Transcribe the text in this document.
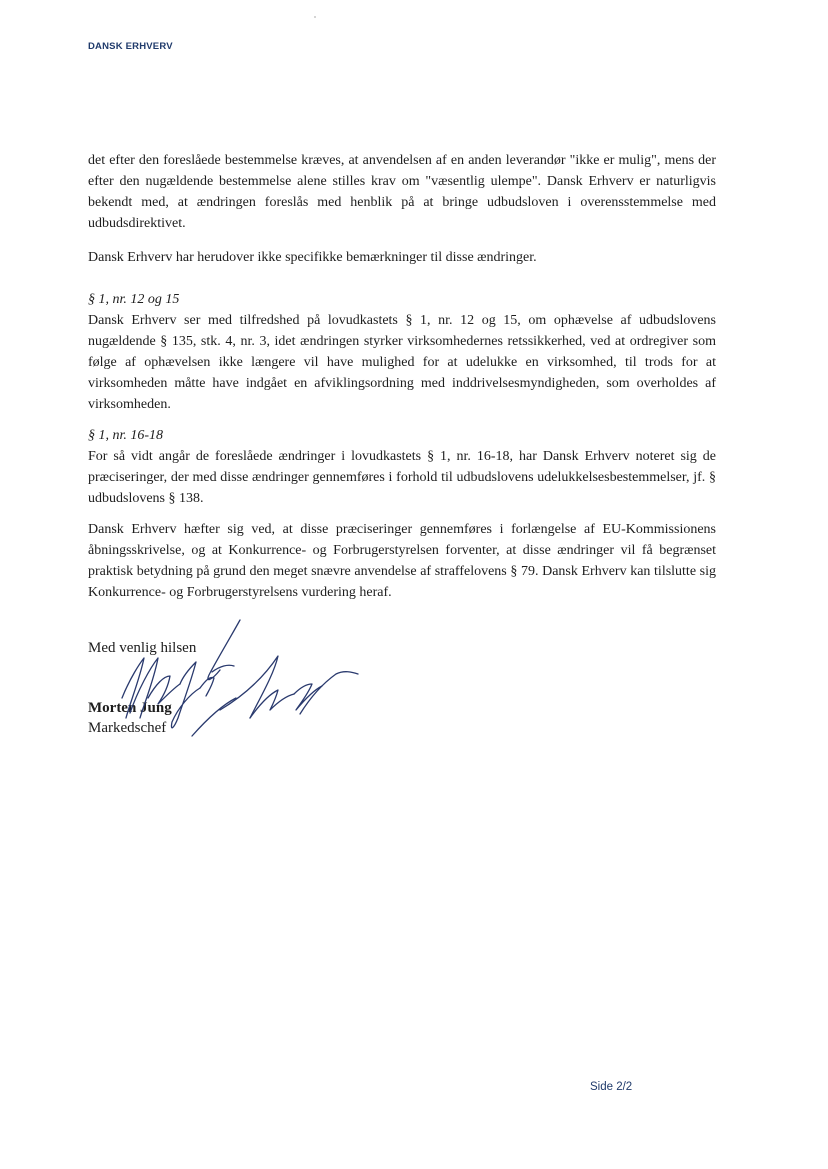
DANSK ERHVERV

det efter den foreslåede bestemmelse kræves, at anvendelsen af en anden leverandør "ikke er mulig", mens der efter den nugældende bestemmelse alene stilles krav om "væsentlig ulempe". Dansk Erhverv er naturligvis bekendt med, at ændringen foreslås med henblik på at bringe udbudsloven i overensstemmelse med udbudsdirektivet.

Dansk Erhverv har herudover ikke specifikke bemærkninger til disse ændringer.

§ 1, nr. 12 og 15

Dansk Erhverv ser med tilfredshed på lovudkastets § 1, nr. 12 og 15, om ophævelse af udbudslovens nugældende § 135, stk. 4, nr. 3, idet ændringen styrker virksomhedernes retssikkerhed, ved at ordregiver som følge af ophævelsen ikke længere vil have mulighed for at udelukke en virksomhed, til trods for at virksomheden måtte have indgået en afviklingsordning med inddrivelsesmyndigheden, som overholdes af virksomheden.

§ 1, nr. 16-18

For så vidt angår de foreslåede ændringer i lovudkastets § 1, nr. 16-18, har Dansk Erhverv noteret sig de præciseringer, der med disse ændringer gennemføres i forhold til udbudslovens udelukkelsesbestemmelser, jf. § udbudslovens § 138.

Dansk Erhverv hæfter sig ved, at disse præciseringer gennemføres i forlængelse af EU-Kommissionens åbningsskrivelse, og at Konkurrence- og Forbrugerstyrelsen forventer, at disse ændringer vil få begrænset praktisk betydning på grund den meget snævre anvendelse af straffelovens § 79. Dansk Erhverv kan tilslutte sig Konkurrence- og Forbrugerstyrelsens vurdering heraf.

Med venlig hilsen
Morten Jung
Markedschef
Side 2/2
